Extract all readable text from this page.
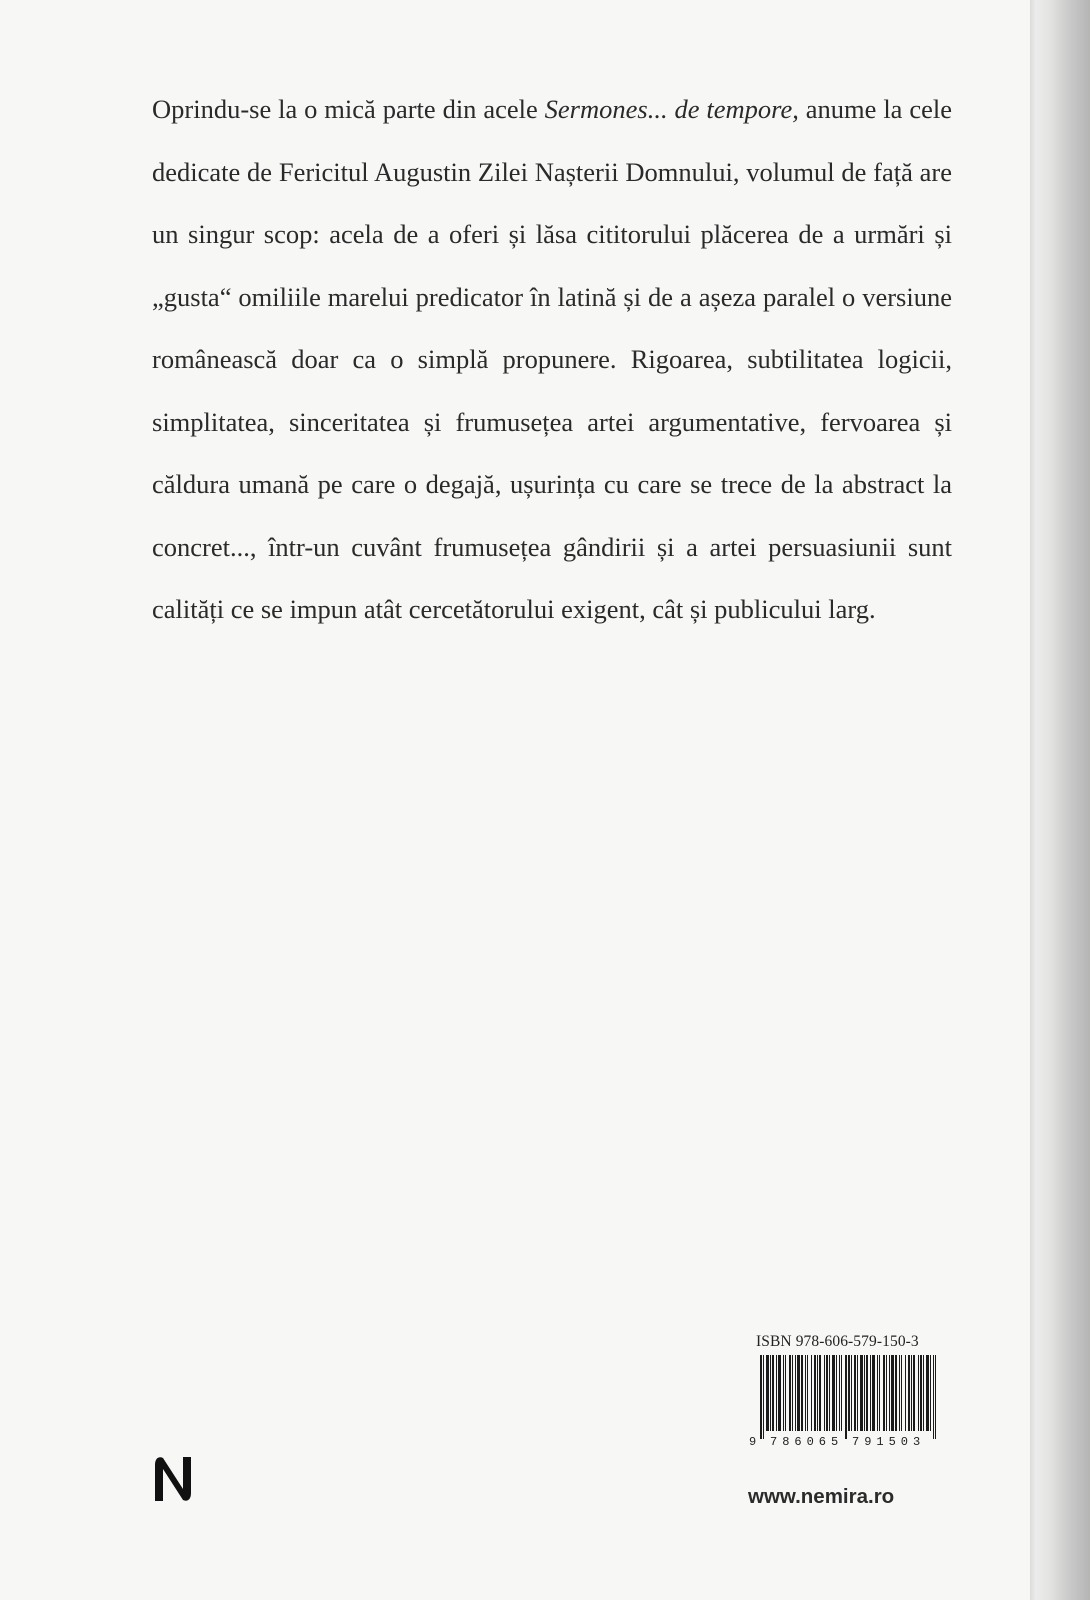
Oprindu-se la o mică parte din acele Sermones... de tempore, anume la cele dedicate de Fericitul Augustin Zilei Nașterii Domnului, volumul de față are un singur scop: acela de a oferi și lăsa cititorului plăcerea de a urmări și „gusta“ omiliile marelui predicator în latină și de a așeza paralel o versiune românească doar ca o simplă propunere. Rigoarea, subtilitatea logicii, simplitatea, sinceritatea și frumusețea artei argumentative, fervoarea și căldura umană pe care o degajă, ușurința cu care se trece de la abstract la concret..., într-un cuvânt frumusețea gândirii și a artei persuasiunii sunt calități ce se impun atât cercetătorului exigent, cât și publicului larg.

ISBN 978-606-579-150-3
9 786065 791503
www.nemira.ro
